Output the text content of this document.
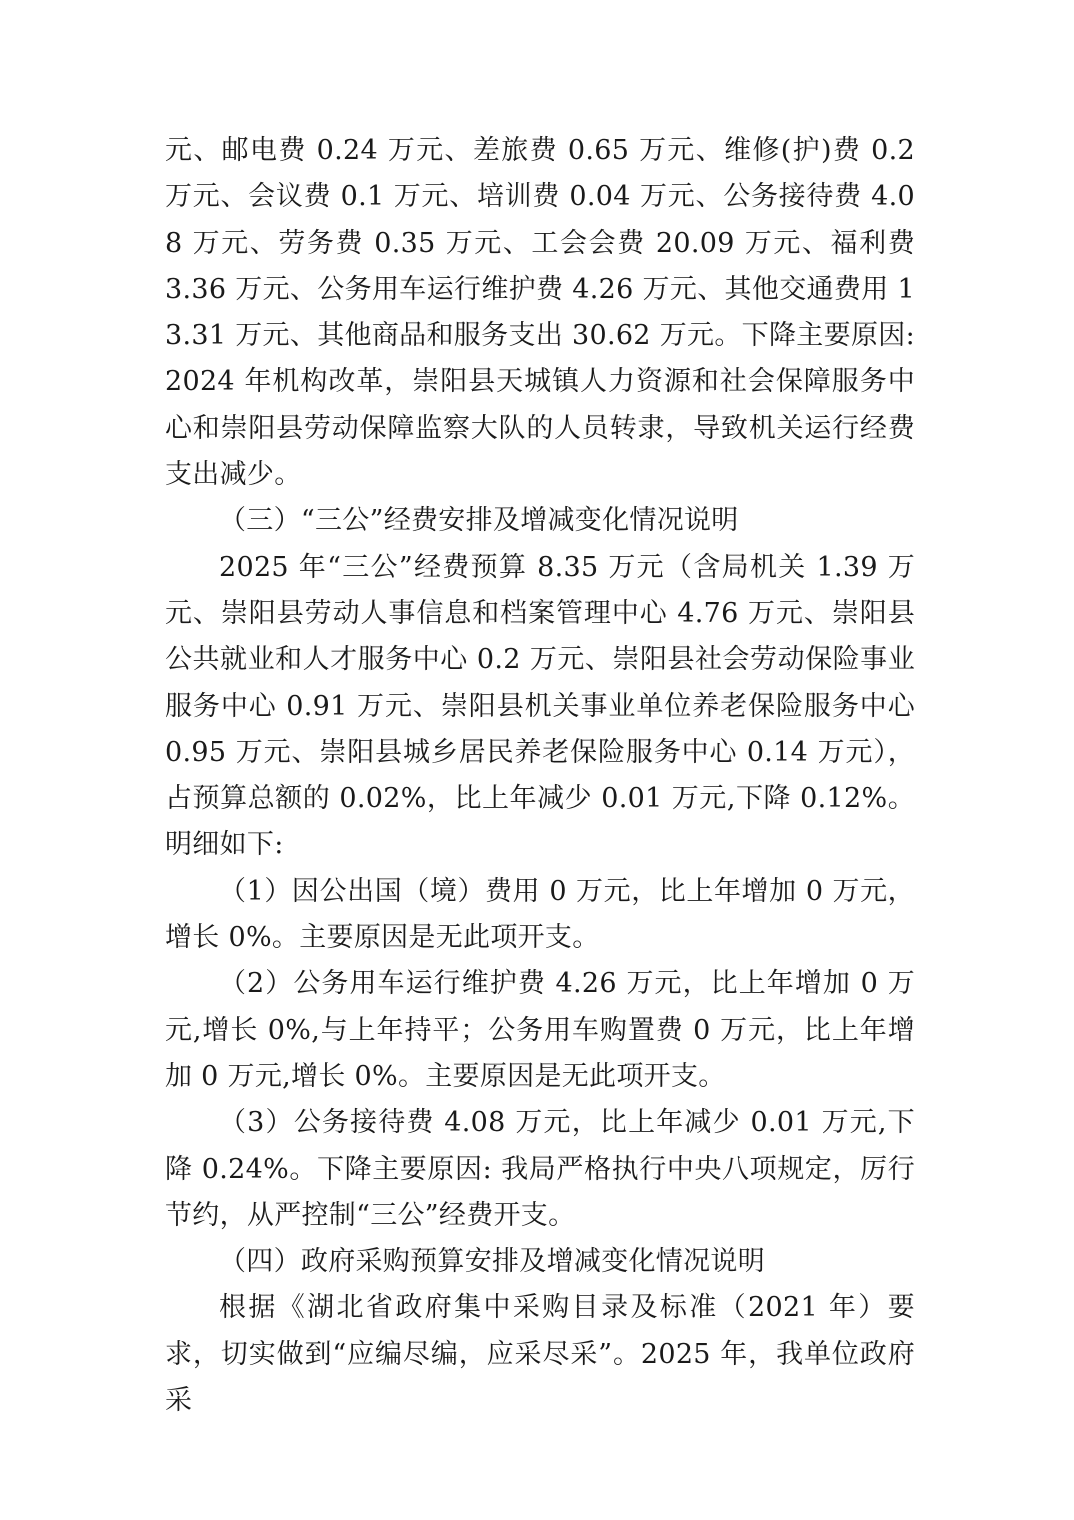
元、邮电费 0.24 万元、差旅费 0.65 万元、维修(护)费 0.2 万元、会议费 0.1 万元、培训费 0.04 万元、公务接待费 4.08 万元、劳务费 0.35 万元、工会会费 20.09 万元、福利费 3.36 万元、公务用车运行维护费 4.26 万元、其他交通费用 13.31 万元、其他商品和服务支出 30.62 万元。下降主要原因: 2024 年机构改革，崇阳县天城镇人力资源和社会保障服务中心和崇阳县劳动保障监察大队的人员转隶，导致机关运行经费支出减少。

（三）“三公”经费安排及增减变化情况说明

2025 年“三公”经费预算 8.35 万元（含局机关 1.39 万元、崇阳县劳动人事信息和档案管理中心 4.76 万元、崇阳县公共就业和人才服务中心 0.2 万元、崇阳县社会劳动保险事业服务中心 0.91 万元、崇阳县机关事业单位养老保险服务中心 0.95 万元、崇阳县城乡居民养老保险服务中心 0.14 万元），占预算总额的 0.02%，比上年减少 0.01 万元,下降 0.12%。明细如下:

（1）因公出国（境）费用 0 万元，比上年增加 0 万元，增长 0%。主要原因是无此项开支。

（2）公务用车运行维护费 4.26 万元，比上年增加 0 万元,增长 0%,与上年持平；公务用车购置费 0 万元，比上年增加 0 万元,增长 0%。主要原因是无此项开支。

（3）公务接待费 4.08 万元，比上年减少 0.01 万元,下降 0.24%。下降主要原因: 我局严格执行中央八项规定，厉行节约，从严控制“三公”经费开支。

（四）政府采购预算安排及增减变化情况说明

根据《湖北省政府集中采购目录及标准（2021 年）要求，切实做到“应编尽编，应采尽采”。2025 年，我单位政府采
